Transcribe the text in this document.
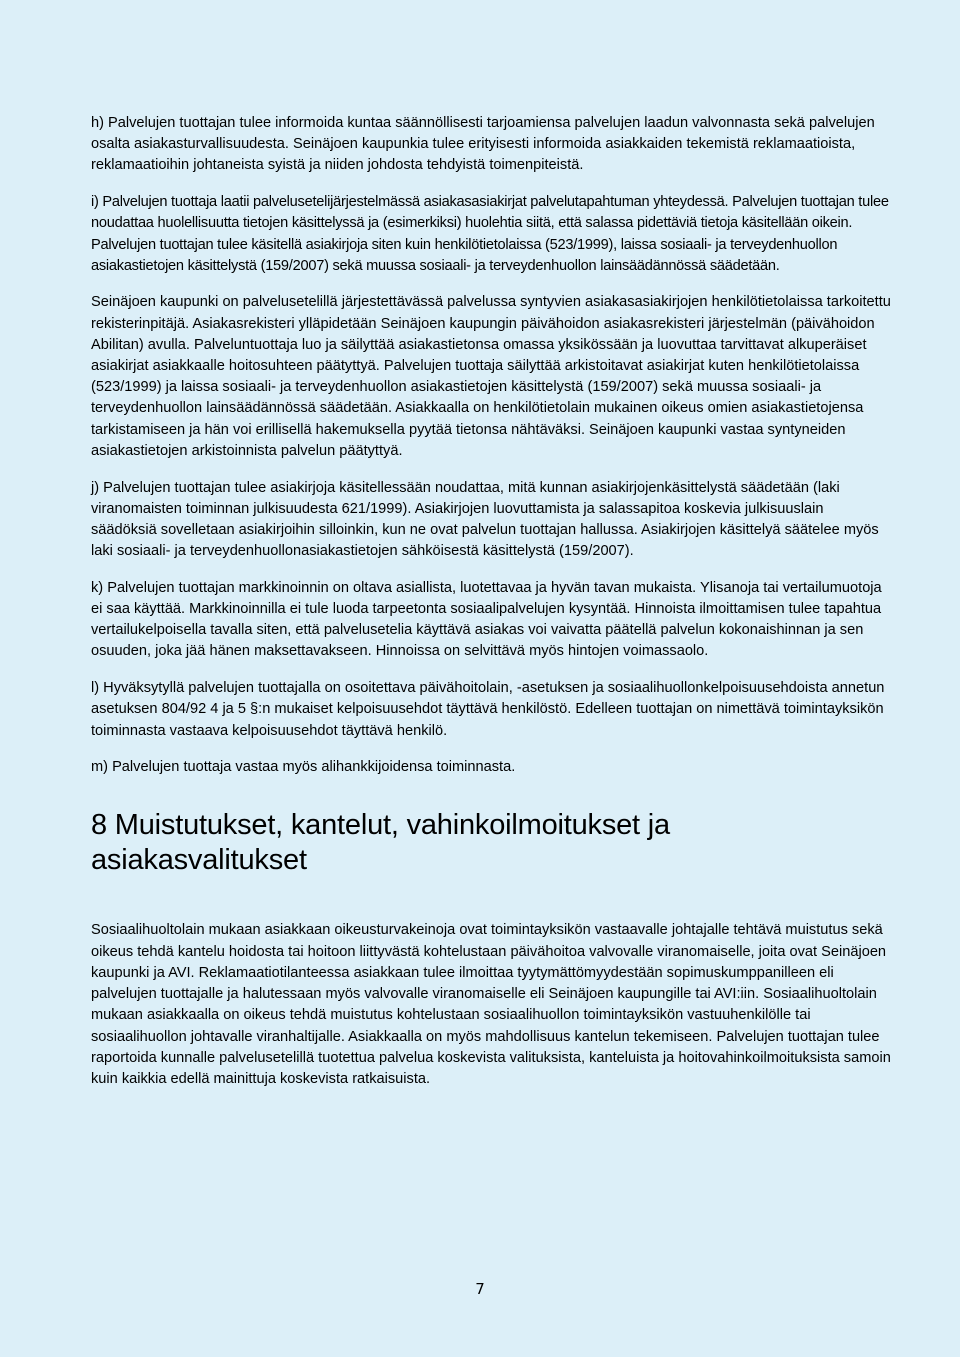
h) Palvelujen tuottajan tulee informoida kuntaa säännöllisesti tarjoamiensa palvelujen laadun valvonnasta sekä palvelujen osalta asiakasturvallisuudesta. Seinäjoen kaupunkia tulee erityisesti informoida asiakkaiden tekemistä reklamaatioista, reklamaatioihin johtaneista syistä ja niiden johdosta tehdyistä toimenpiteistä.

i) Palvelujen tuottaja laatii palvelusetelijärjestelmässä asiakasasiakirjat palvelutapahtuman yhteydessä. Palvelujen tuottajan tulee noudattaa huolellisuutta tietojen käsittelyssä ja (esimerkiksi) huolehtia siitä, että salassa pidettäviä tietoja käsitellään oikein. Palvelujen tuottajan tulee käsitellä asiakirjoja siten kuin henkilötietolaissa (523/1999), laissa sosiaali- ja terveydenhuollon asiakastietojen käsittelystä (159/2007) sekä muussa sosiaali- ja terveydenhuollon lainsäädännössä säädetään.

Seinäjoen kaupunki on palvelusetelillä järjestettävässä palvelussa syntyvien asiakasasiakirjojen henkilötietolaissa tarkoitettu rekisterinpitäjä. Asiakasrekisteri ylläpidetään Seinäjoen kaupungin päivähoidon asiakasrekisteri järjestelmän (päivähoidon Abilitan) avulla. Palveluntuottaja luo ja säilyttää asiakastietonsa omassa yksikössään ja luovuttaa tarvittavat alkuperäiset asiakirjat asiakkaalle hoitosuhteen päätyttyä. Palvelujen tuottaja säilyttää arkistoitavat asiakirjat kuten henkilötietolaissa (523/1999) ja laissa sosiaali- ja terveydenhuollon asiakastietojen käsittelystä (159/2007) sekä muussa sosiaali- ja terveydenhuollon lainsäädännössä säädetään. Asiakkaalla on henkilötietolain mukainen oikeus omien asiakastietojensa tarkistamiseen ja hän voi erillisellä hakemuksella pyytää tietonsa nähtäväksi. Seinäjoen kaupunki vastaa syntyneiden asiakastietojen arkistoinnista palvelun päätyttyä.

j) Palvelujen tuottajan tulee asiakirjoja käsitellessään noudattaa, mitä kunnan asiakirjojenkäsittelystä säädetään (laki viranomaisten toiminnan julkisuudesta 621/1999). Asiakirjojen luovuttamista ja salassapitoa koskevia julkisuuslain säädöksiä sovelletaan asiakirjoihin silloinkin, kun ne ovat palvelun tuottajan hallussa. Asiakirjojen käsittelyä säätelee myös laki sosiaali- ja terveydenhuollonasiakastietojen sähköisestä käsittelystä (159/2007).

k) Palvelujen tuottajan markkinoinnin on oltava asiallista, luotettavaa ja hyvän tavan mukaista. Ylisanoja tai vertailumuotoja ei saa käyttää. Markkinoinnilla ei tule luoda tarpeetonta sosiaalipalvelujen kysyntää. Hinnoista ilmoittamisen tulee tapahtua vertailukelpoisella tavalla siten, että palvelusetelia käyttävä asiakas voi vaivatta päätellä palvelun kokonaishinnan ja sen osuuden, joka jää hänen maksettavakseen. Hinnoissa on selvittävä myös hintojen voimassaolo.

l) Hyväksytyllä palvelujen tuottajalla on osoitettava päivähoitolain, -asetuksen ja sosiaalihuollonkelpoisuusehdoista annetun asetuksen 804/92 4 ja 5 §:n mukaiset kelpoisuusehdot täyttävä henkilöstö. Edelleen tuottajan on nimettävä toimintayksikön toiminnasta vastaava kelpoisuusehdot täyttävä henkilö.

m) Palvelujen tuottaja vastaa myös alihankkijoidensa toiminnasta.

8 Muistutukset, kantelut, vahinkoilmoitukset ja asiakasvalitukset

Sosiaalihuoltolain mukaan asiakkaan oikeusturvakeinoja ovat toimintayksikön vastaavalle johtajalle tehtävä muistutus sekä oikeus tehdä kantelu hoidosta tai hoitoon liittyvästä kohtelustaan päivähoitoa valvovalle viranomaiselle, joita ovat Seinäjoen kaupunki ja AVI. Reklamaatiotilanteessa asiakkaan tulee ilmoittaa tyytymättömyydestään sopimuskumppanilleen eli palvelujen tuottajalle ja halutessaan myös valvovalle viranomaiselle eli Seinäjoen kaupungille tai AVI:iin. Sosiaalihuoltolain mukaan asiakkaalla on oikeus tehdä muistutus kohtelustaan sosiaalihuollon toimintayksikön vastuuhenkilölle tai sosiaalihuollon johtavalle viranhaltijalle. Asiakkaalla on myös mahdollisuus kantelun tekemiseen. Palvelujen tuottajan tulee raportoida kunnalle palvelusetelillä tuotettua palvelua koskevista valituksista, kanteluista ja hoitovahinkoilmoituksista samoin kuin kaikkia edellä mainittuja koskevista ratkaisuista.

7
